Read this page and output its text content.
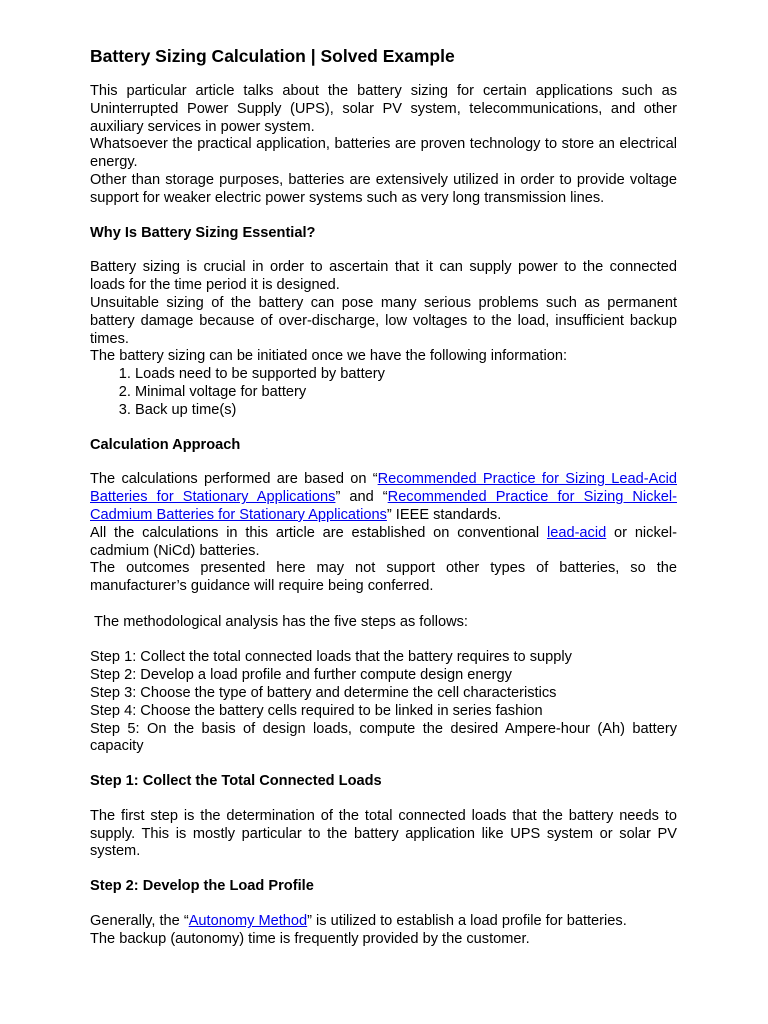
Battery Sizing Calculation | Solved Example

This particular article talks about the battery sizing for certain applications such as Uninterrupted Power Supply (UPS), solar PV system, telecommunications, and other auxiliary services in power system.

Whatsoever the practical application, batteries are proven technology to store an electrical energy.

Other than storage purposes, batteries are extensively utilized in order to provide voltage support for weaker electric power systems such as very long transmission lines.

Why Is Battery Sizing Essential?

Battery sizing is crucial in order to ascertain that it can supply power to the connected loads for the time period it is designed.

Unsuitable sizing of the battery can pose many serious problems such as permanent battery damage because of over-discharge, low voltages to the load, insufficient backup times.

The battery sizing can be initiated once we have the following information:

1. Loads need to be supported by battery
2. Minimal voltage for battery
3. Back up time(s)
Calculation Approach

The calculations performed are based on “Recommended Practice for Sizing Lead-Acid Batteries for Stationary Applications” and “Recommended Practice for Sizing Nickel-Cadmium Batteries for Stationary Applications” IEEE standards.

All the calculations in this article are established on conventional lead-acid or nickel-cadmium (NiCd) batteries.

The outcomes presented here may not support other types of batteries, so the manufacturer’s guidance will require being conferred.

The methodological analysis has the five steps as follows:

Step 1: Collect the total connected loads that the battery requires to supply

Step 2: Develop a load profile and further compute design energy

Step 3: Choose the type of battery and determine the cell characteristics

Step 4: Choose the battery cells required to be linked in series fashion

Step 5: On the basis of design loads, compute the desired Ampere-hour (Ah) battery capacity

Step 1: Collect the Total Connected Loads

The first step is the determination of the total connected loads that the battery needs to supply. This is mostly particular to the battery application like UPS system or solar PV system.

Step 2: Develop the Load Profile

Generally, the “Autonomy Method” is utilized to establish a load profile for batteries.

The backup (autonomy) time is frequently provided by the customer.
